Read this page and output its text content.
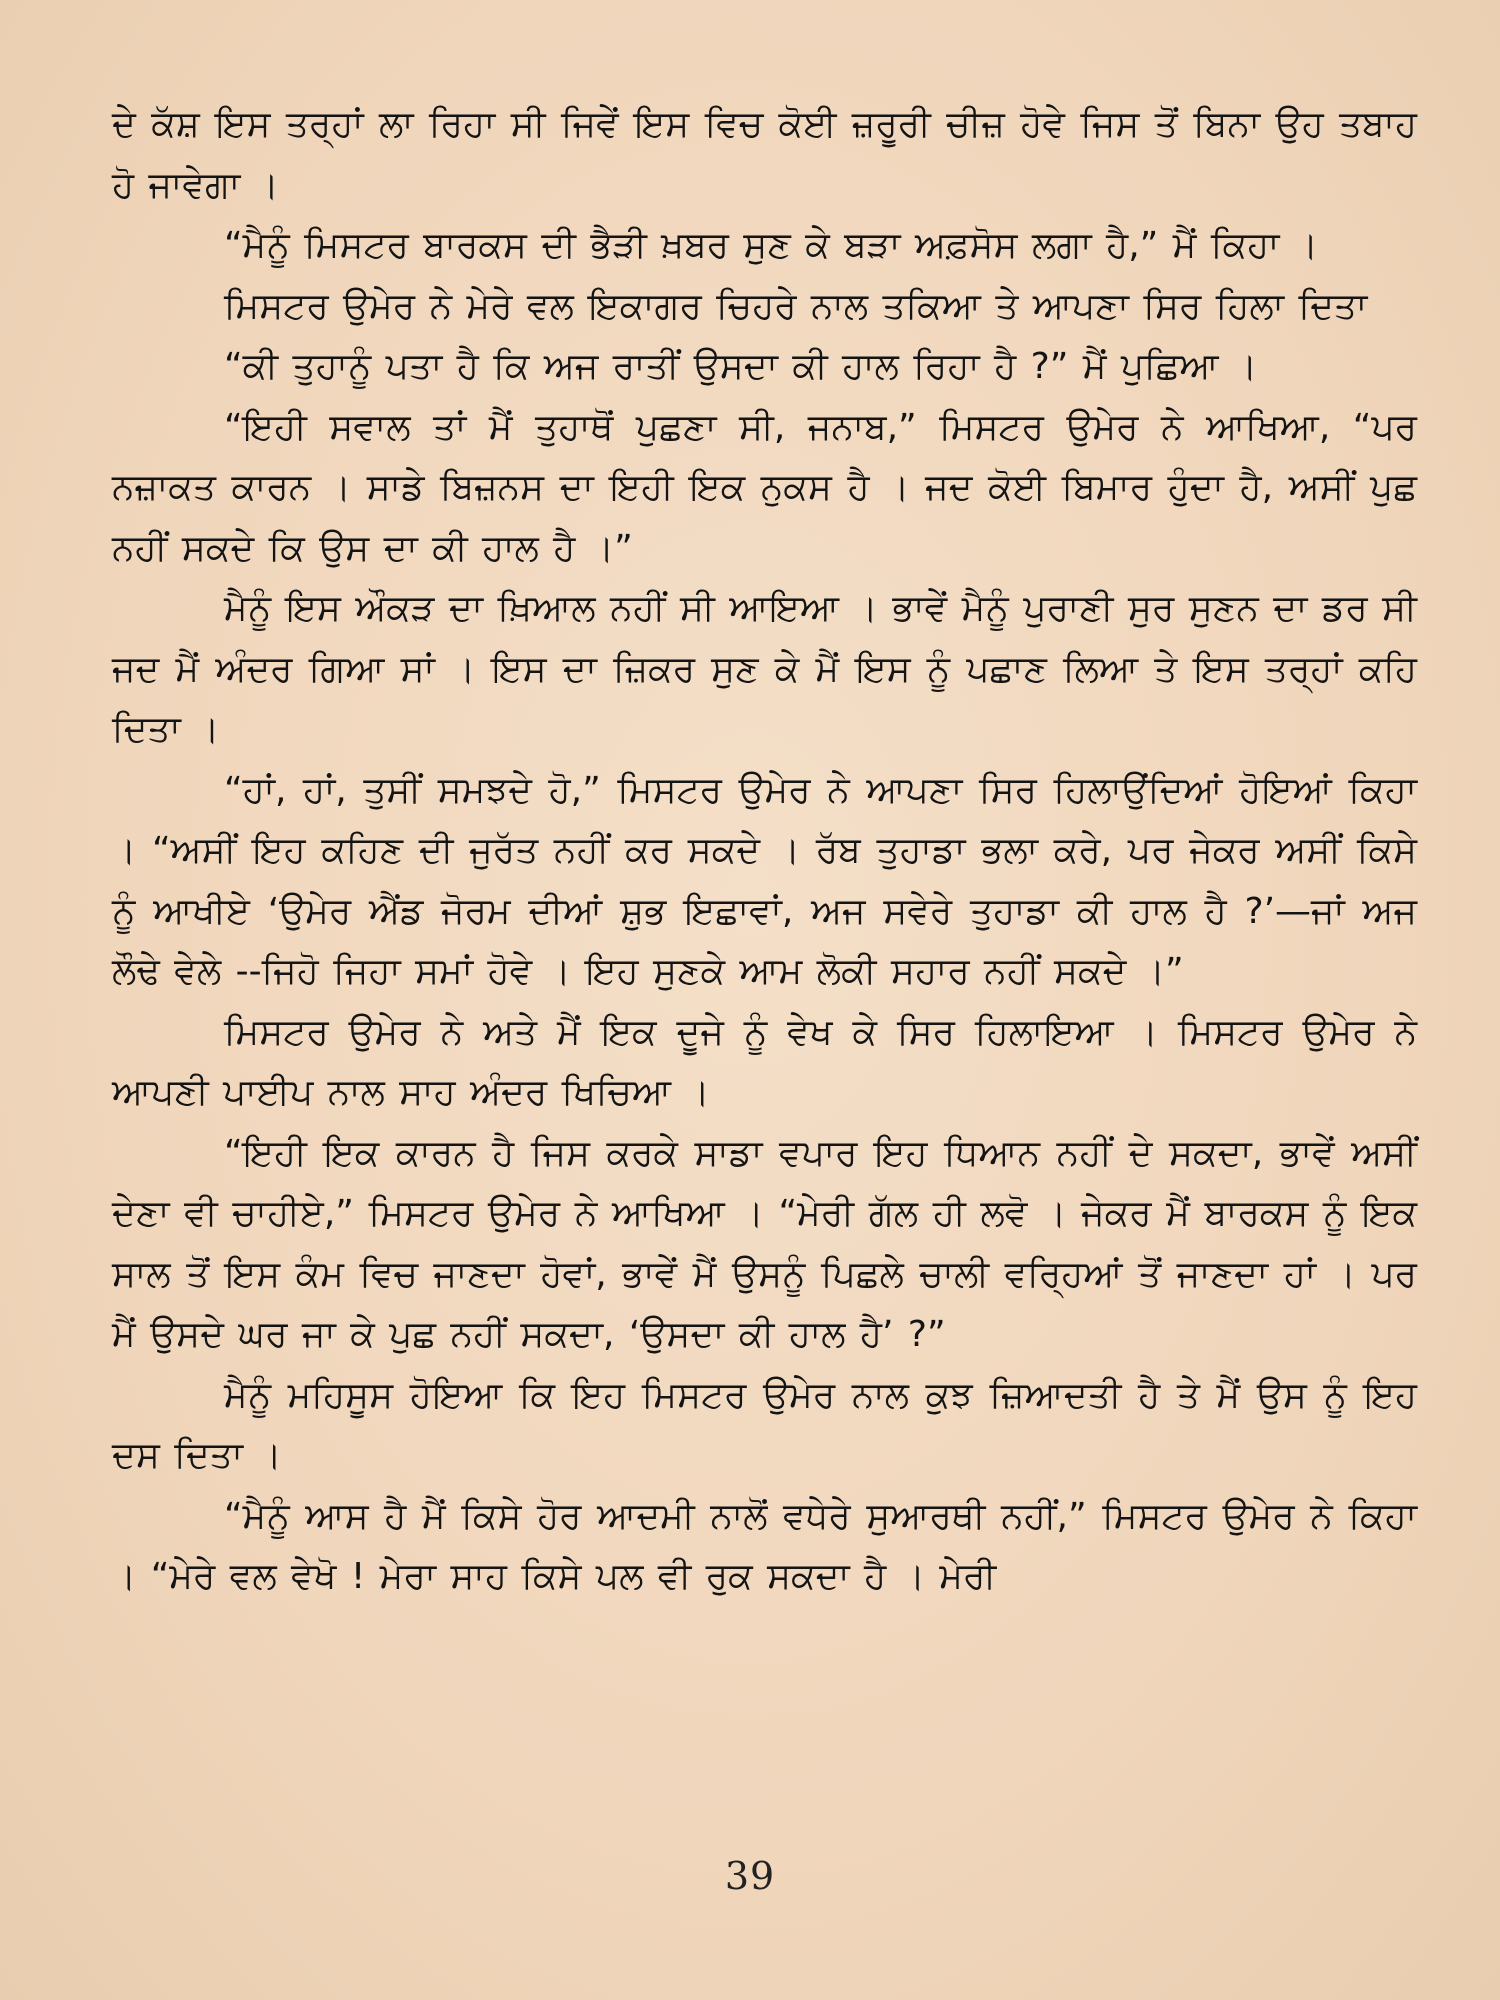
ਦੇ ਕੱਸ਼ ਇਸ ਤਰ੍ਹਾਂ ਲਾ ਰਿਹਾ ਸੀ ਜਿਵੇਂ ਇਸ ਵਿਚ ਕੋਈ ਜ਼ਰੂਰੀ ਚੀਜ਼ ਹੋਵੇ ਜਿਸ ਤੋਂ ਬਿਨਾ ਉਹ ਤਬਾਹ ਹੋ ਜਾਵੇਗਾ ।

“ਮੈਨੂੰ ਮਿਸਟਰ ਬਾਰਕਸ ਦੀ ਭੈੜੀ ਖ਼ਬਰ ਸੁਣ ਕੇ ਬੜਾ ਅਫ਼ਸੋਸ ਲਗਾ ਹੈ,” ਮੈਂ ਕਿਹਾ ।

ਮਿਸਟਰ ਉਮੇਰ ਨੇ ਮੇਰੇ ਵਲ ਇਕਾਗਰ ਚਿਹਰੇ ਨਾਲ ਤਕਿਆ ਤੇ ਆਪਣਾ ਸਿਰ ਹਿਲਾ ਦਿਤਾ

“ਕੀ ਤੁਹਾਨੂੰ ਪਤਾ ਹੈ ਕਿ ਅਜ ਰਾਤੀਂ ਉਸਦਾ ਕੀ ਹਾਲ ਰਿਹਾ ਹੈ ?” ਮੈਂ ਪੁਛਿਆ ।

“ਇਹੀ ਸਵਾਲ ਤਾਂ ਮੈਂ ਤੁਹਾਥੋਂ ਪੁਛਣਾ ਸੀ, ਜਨਾਬ,” ਮਿਸਟਰ ਉਮੇਰ ਨੇ ਆਖਿਆ, “ਪਰ ਨਜ਼ਾਕਤ ਕਾਰਨ । ਸਾਡੇ ਬਿਜ਼ਨਸ ਦਾ ਇਹੀ ਇਕ ਨੁਕਸ ਹੈ । ਜਦ ਕੋਈ ਬਿਮਾਰ ਹੁੰਦਾ ਹੈ, ਅਸੀਂ ਪੁਛ ਨਹੀਂ ਸਕਦੇ ਕਿ ਉਸ ਦਾ ਕੀ ਹਾਲ ਹੈ ।”

ਮੈਨੂੰ ਇਸ ਔਕੜ ਦਾ ਖ਼ਿਆਲ ਨਹੀਂ ਸੀ ਆਇਆ । ਭਾਵੇਂ ਮੈਨੂੰ ਪੁਰਾਣੀ ਸੁਰ ਸੁਣਨ ਦਾ ਡਰ ਸੀ ਜਦ ਮੈਂ ਅੰਦਰ ਗਿਆ ਸਾਂ । ਇਸ ਦਾ ਜ਼ਿਕਰ ਸੁਣ ਕੇ ਮੈਂ ਇਸ ਨੂੰ ਪਛਾਣ ਲਿਆ ਤੇ ਇਸ ਤਰ੍ਹਾਂ ਕਹਿ ਦਿਤਾ ।

“ਹਾਂ, ਹਾਂ, ਤੁਸੀਂ ਸਮਝਦੇ ਹੋ,” ਮਿਸਟਰ ਉਮੇਰ ਨੇ ਆਪਣਾ ਸਿਰ ਹਿਲਾਉਂਦਿਆਂ ਹੋਇਆਂ ਕਿਹਾ । “ਅਸੀਂ ਇਹ ਕਹਿਣ ਦੀ ਜੁਰੱਤ ਨਹੀਂ ਕਰ ਸਕਦੇ । ਰੱਬ ਤੁਹਾਡਾ ਭਲਾ ਕਰੇ, ਪਰ ਜੇਕਰ ਅਸੀਂ ਕਿਸੇ ਨੂੰ ਆਖੀਏ ‘ਉਮੇਰ ਐਂਡ ਜੋਰਮ ਦੀਆਂ ਸ਼ੁਭ ਇਛਾਵਾਂ, ਅਜ ਸਵੇਰੇ ਤੁਹਾਡਾ ਕੀ ਹਾਲ ਹੈ ?’—ਜਾਂ ਅਜ ਲੌਢੇ ਵੇਲੇ --ਜਿਹੋ ਜਿਹਾ ਸਮਾਂ ਹੋਵੇ । ਇਹ ਸੁਣਕੇ ਆਮ ਲੋਕੀ ਸਹਾਰ ਨਹੀਂ ਸਕਦੇ ।”

ਮਿਸਟਰ ਉਮੇਰ ਨੇ ਅਤੇ ਮੈਂ ਇਕ ਦੂਜੇ ਨੂੰ ਵੇਖ ਕੇ ਸਿਰ ਹਿਲਾਇਆ । ਮਿਸਟਰ ਉਮੇਰ ਨੇ ਆਪਣੀ ਪਾਈਪ ਨਾਲ ਸਾਹ ਅੰਦਰ ਖਿਚਿਆ ।

“ਇਹੀ ਇਕ ਕਾਰਨ ਹੈ ਜਿਸ ਕਰਕੇ ਸਾਡਾ ਵਪਾਰ ਇਹ ਧਿਆਨ ਨਹੀਂ ਦੇ ਸਕਦਾ, ਭਾਵੇਂ ਅਸੀਂ ਦੇਣਾ ਵੀ ਚਾਹੀਏ,” ਮਿਸਟਰ ਉਮੇਰ ਨੇ ਆਖਿਆ । “ਮੇਰੀ ਗੱਲ ਹੀ ਲਵੋ । ਜੇਕਰ ਮੈਂ ਬਾਰਕਸ ਨੂੰ ਇਕ ਸਾਲ ਤੋਂ ਇਸ ਕੰਮ ਵਿਚ ਜਾਣਦਾ ਹੋਵਾਂ, ਭਾਵੇਂ ਮੈਂ ਉਸਨੂੰ ਪਿਛਲੇ ਚਾਲੀ ਵਰ੍ਹਿਆਂ ਤੋਂ ਜਾਣਦਾ ਹਾਂ । ਪਰ ਮੈਂ ਉਸਦੇ ਘਰ ਜਾ ਕੇ ਪੁਛ ਨਹੀਂ ਸਕਦਾ, ‘ਉਸਦਾ ਕੀ ਹਾਲ ਹੈ’ ?”

ਮੈਨੂੰ ਮਹਿਸੂਸ ਹੋਇਆ ਕਿ ਇਹ ਮਿਸਟਰ ਉਮੇਰ ਨਾਲ ਕੁਝ ਜ਼ਿਆਦਤੀ ਹੈ ਤੇ ਮੈਂ ਉਸ ਨੂੰ ਇਹ ਦਸ ਦਿਤਾ ।

“ਮੈਨੂੰ ਆਸ ਹੈ ਮੈਂ ਕਿਸੇ ਹੋਰ ਆਦਮੀ ਨਾਲੋਂ ਵਧੇਰੇ ਸੁਆਰਥੀ ਨਹੀਂ,” ਮਿਸਟਰ ਉਮੇਰ ਨੇ ਕਿਹਾ । “ਮੇਰੇ ਵਲ ਵੇਖੋ ! ਮੇਰਾ ਸਾਹ ਕਿਸੇ ਪਲ ਵੀ ਰੁਕ ਸਕਦਾ ਹੈ । ਮੇਰੀ

39
